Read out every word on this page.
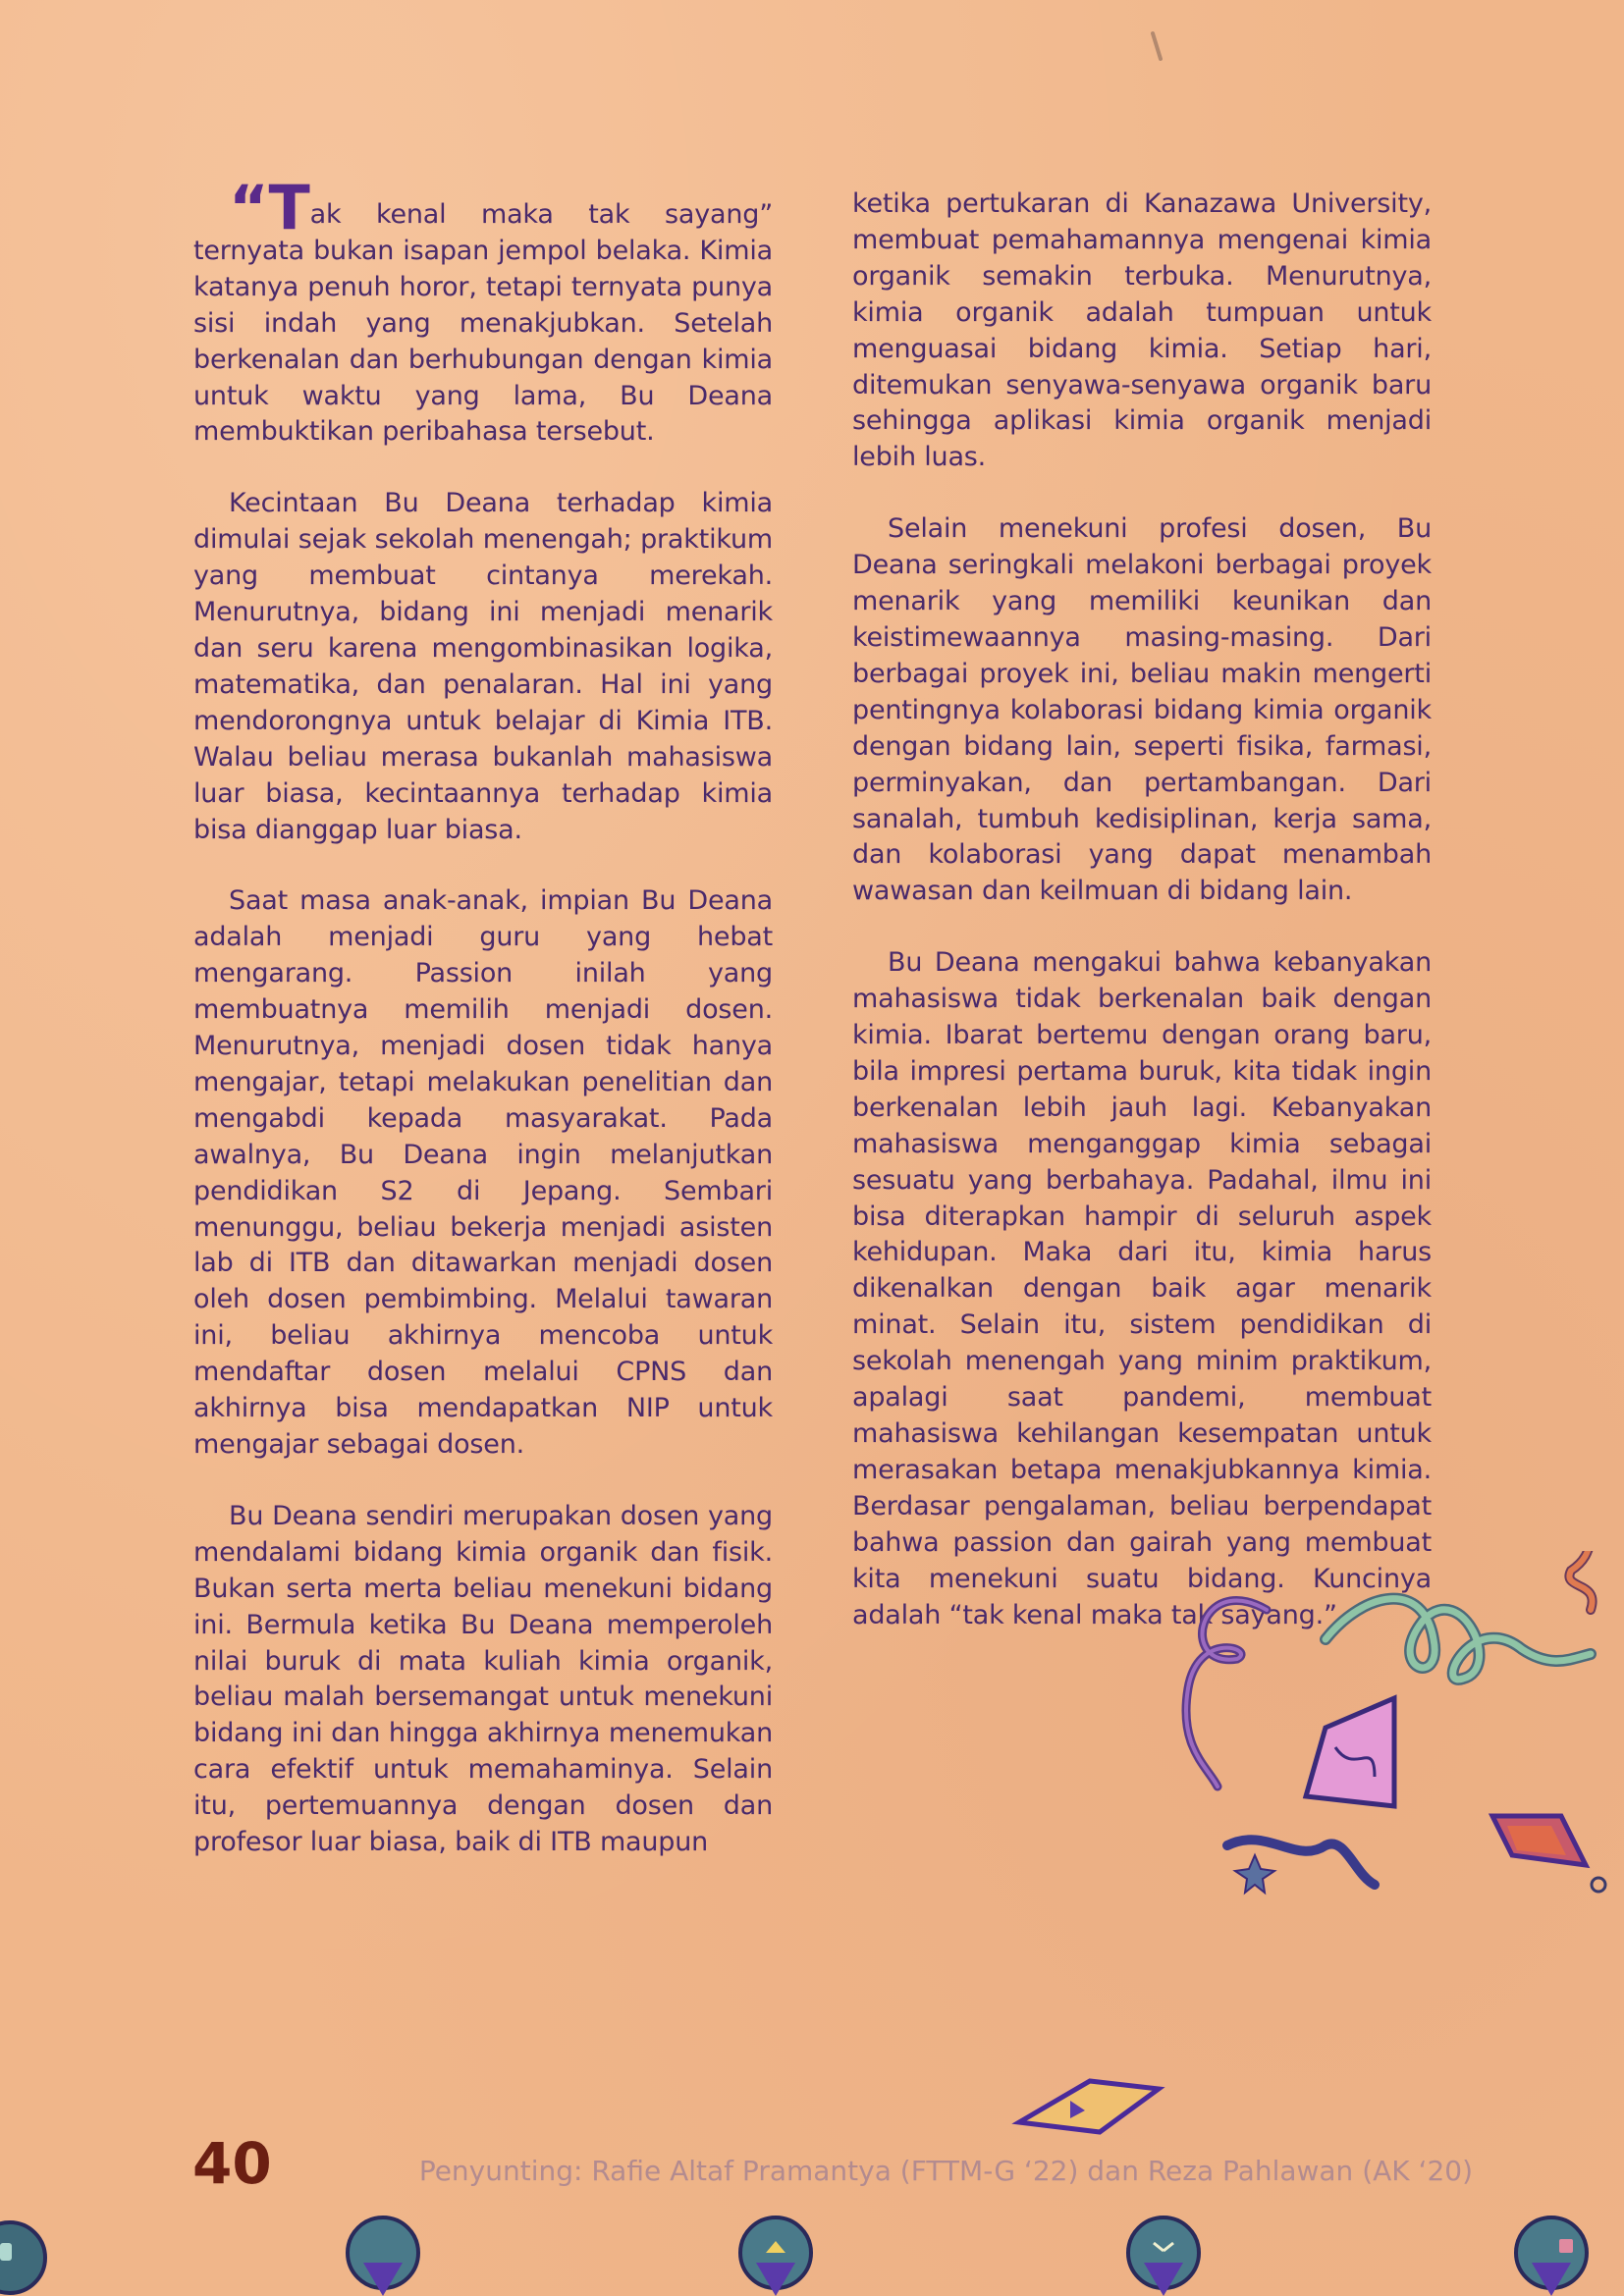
“Tak kenal maka tak sayang” ternyata bukan isapan jempol belaka. Kimia katanya penuh horor, tetapi ternyata punya sisi indah yang menakjubkan. Setelah berkenalan dan berhubungan dengan kimia untuk waktu yang lama, Bu Deana membuktikan peribahasa tersebut.

Kecintaan Bu Deana terhadap kimia dimulai sejak sekolah menengah; praktikum yang membuat cintanya merekah. Menurutnya, bidang ini menjadi menarik dan seru karena mengombinasikan logika, matematika, dan penalaran. Hal ini yang mendorongnya untuk belajar di Kimia ITB. Walau beliau merasa bukanlah mahasiswa luar biasa, kecintaannya terhadap kimia bisa dianggap luar biasa.

Saat masa anak-anak, impian Bu Deana adalah menjadi guru yang hebat mengarang. Passion inilah yang membuatnya memilih menjadi dosen. Menurutnya, menjadi dosen tidak hanya mengajar, tetapi melakukan penelitian dan mengabdi kepada masyarakat. Pada awalnya, Bu Deana ingin melanjutkan pendidikan S2 di Jepang. Sembari menunggu, beliau bekerja menjadi asisten lab di ITB dan ditawarkan menjadi dosen oleh dosen pembimbing. Melalui tawaran ini, beliau akhirnya mencoba untuk mendaftar dosen melalui CPNS dan akhirnya bisa mendapatkan NIP untuk mengajar sebagai dosen.

Bu Deana sendiri merupakan dosen yang mendalami bidang kimia organik dan fisik. Bukan serta merta beliau menekuni bidang ini. Bermula ketika Bu Deana memperoleh nilai buruk di mata kuliah kimia organik, beliau malah bersemangat untuk menekuni bidang ini dan hingga akhirnya menemukan cara efektif untuk memahaminya. Selain itu, pertemuannya dengan dosen dan profesor luar biasa, baik di ITB maupun

ketika pertukaran di Kanazawa University, membuat pemahamannya mengenai kimia organik semakin terbuka. Menurutnya, kimia organik adalah tumpuan untuk menguasai bidang kimia. Setiap hari, ditemukan senyawa-senyawa organik baru sehingga aplikasi kimia organik menjadi lebih luas.

Selain menekuni profesi dosen, Bu Deana seringkali melakoni berbagai proyek menarik yang memiliki keunikan dan keistimewaannya masing-masing. Dari berbagai proyek ini, beliau makin mengerti pentingnya kolaborasi bidang kimia organik dengan bidang lain, seperti fisika, farmasi, perminyakan, dan pertambangan. Dari sanalah, tumbuh kedisiplinan, kerja sama, dan kolaborasi yang dapat menambah wawasan dan keilmuan di bidang lain.

Bu Deana mengakui bahwa kebanyakan mahasiswa tidak berkenalan baik dengan kimia. Ibarat bertemu dengan orang baru, bila impresi pertama buruk, kita tidak ingin berkenalan lebih jauh lagi. Kebanyakan mahasiswa menganggap kimia sebagai sesuatu yang berbahaya. Padahal, ilmu ini bisa diterapkan hampir di seluruh aspek kehidupan. Maka dari itu, kimia harus dikenalkan dengan baik agar menarik minat. Selain itu, sistem pendidikan di sekolah menengah yang minim praktikum, apalagi saat pandemi, membuat mahasiswa kehilangan kesempatan untuk merasakan betapa menakjubkannya kimia. Berdasar pengalaman, beliau berpendapat bahwa passion dan gairah yang membuat kita menekuni suatu bidang. Kuncinya adalah “tak kenal maka tak sayang.”

40	Penyunting: Rafie Altaf Pramantya (FTTM-G ‘22) dan Reza Pahlawan (AK ‘20)
